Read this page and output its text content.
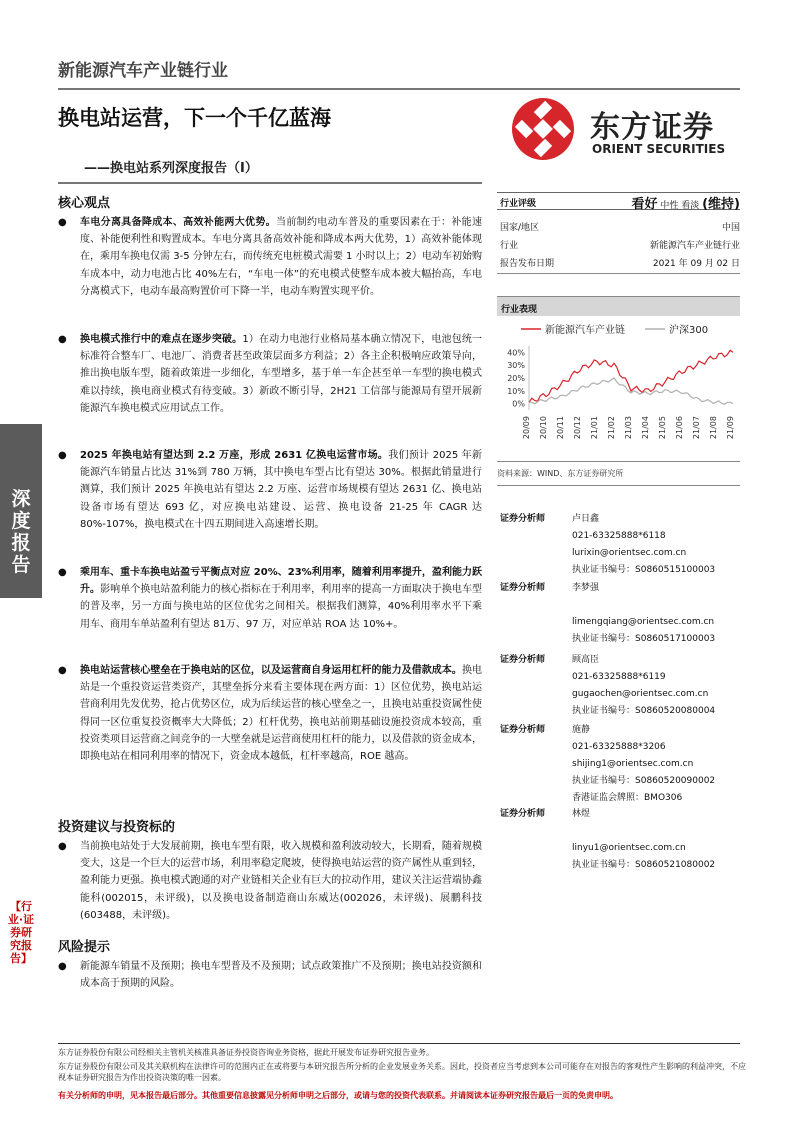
新能源汽车产业链行业
换电站运营，下一个千亿蓝海
——换电站系列深度报告（I）
东方证券
ORIENT SECURITIES
深度报告
【行业·证券研究报告】
核心观点
●	车电分离具备降成本、高效补能两大优势。当前制约电动车普及的重要因素在于：补能速度、补能便利性和购置成本。车电分离具备高效补能和降成本两大优势，1）高效补能体现在，乘用车换电仅需 3-5 分钟左右，而传统充电桩模式需要 1 小时以上；2）电动车初始购车成本中，动力电池占比 40%左右，“车电一体”的充电模式使整车成本被大幅抬高，车电分离模式下，电动车最高购置价可下降一半，电动车购置实现平价。
●	换电模式推行中的难点在逐步突破。1）在动力电池行业格局基本确立情况下，电池包统一标准符合整车厂、电池厂、消费者甚至政策层面多方利益；2）各主企积极响应政策导向，推出换电版车型，随着政策进一步细化，车型增多，基于单一车企甚至单一车型的换电模式难以持续，换电商业模式有待变破。3）新政不断引导，2H21 工信部与能源局有望开展新能源汽车换电模式应用试点工作。
●	2025 年换电站有望达到 2.2 万座，形成 2631 亿换电运营市场。我们预计 2025 年新能源汽车销量占比达 31%到 780 万辆，其中换电车型占比有望达 30%。根据此销量进行测算，我们预计 2025 年换电站有望达 2.2 万座、运营市场规模有望达 2631 亿、换电站设备市场有望达 693 亿，对应换电站建设、运营、换电设备 21-25 年 CAGR 达 80%-107%，换电模式在十四五期间进入高速增长期。
●	乘用车、重卡车换电站盈亏平衡点对应 20%、23%利用率，随着利用率提升，盈利能力跃升。影响单个换电站盈利能力的核心指标在于利用率，利用率的提高一方面取决于换电车型的普及率，另一方面与换电站的区位优劣之间相关。根据我们测算，40%利用率水平下乘用车、商用车单站盈利有望达 81万、97 万，对应单站 ROA 达 10%+。
●	换电站运营核心壁垒在于换电站的区位，以及运营商自身运用杠杆的能力及借款成本。换电站是一个重投资运营类资产，其壁垒拆分来看主要体现在两方面：1）区位优势，换电站运营商利用先发优势，抢占优势区位，成为后续运营的核心壁垒之一，且换电站重投资属性使得同一区位重复投资概率大大降低；2）杠杆优势，换电站前期基础设施投资成本较高，重投资类项目运营商之间竞争的一大壁垒就是运营商使用杠杆的能力，以及借款的资金成本，即换电站在相同利用率的情况下，资金成本越低，杠杆率越高，ROE 越高。
投资建议与投资标的
●	当前换电站处于大发展前期，换电车型有限，收入规模和盈利波动较大，长期看，随着规模变大，这是一个巨大的运营市场，利用率稳定爬坡，使得换电站运营的资产属性从重到轻，盈利能力更强。换电模式跑通的对产业链相关企业有巨大的拉动作用，建议关注运营端协鑫能科(002015，未评级)，以及换电设备制造商山东威达(002026，未评级)、展鹏科技(603488，未评级)。
风险提示
●	新能源车销量不及预期；换电车型普及不及预期；试点政策推广不及预期；换电站投资额和成本高于预期的风险。
行业评级	看好 中性 看淡 (维持)
国家/地区	中国
行业	新能源汽车产业链行业
报告发布日期	2021 年 09 月 02 日
行业表现
新能源汽车产业链	沪深300
40%
30%
20%
10%
0%
20/09 20/10 20/11 20/12 21/01 21/02 21/03 21/04 21/05 21/06 21/07 21/08 21/09
资料来源：WIND、东方证券研究所
证券分析师	卢日鑫
021-63325888*6118
lurixin@orientsec.com.cn
执业证书编号：S0860515100003
证券分析师	李梦强
limengqiang@orientsec.com.cn
执业证书编号：S0860517100003
证券分析师	顾高臣
021-63325888*6119
gugaochen@orientsec.com.cn
执业证书编号：S0860520080004
证券分析师	施静
021-63325888*3206
shijing1@orientsec.com.cn
执业证书编号：S0860520090002
香港证监会牌照：BMO306
证券分析师	林煜
linyu1@orientsec.com.cn
执业证书编号：S0860521080002
东方证券股份有限公司经相关主管机关核准具备证券投资咨询业务资格，据此开展发布证券研究报告业务。
东方证券股份有限公司及其关联机构在法律许可的范围内正在或将要与本研究报告所分析的企业发展业务关系。因此，投资者应当考虑到本公司可能存在对报告的客观性产生影响的利益冲突，不应视本证券研究报告为作出投资决策的唯一因素。
有关分析师的申明，见本报告最后部分。其他重要信息披露见分析师申明之后部分，或请与您的投资代表联系。并请阅读本证券研究报告最后一页的免责申明。
